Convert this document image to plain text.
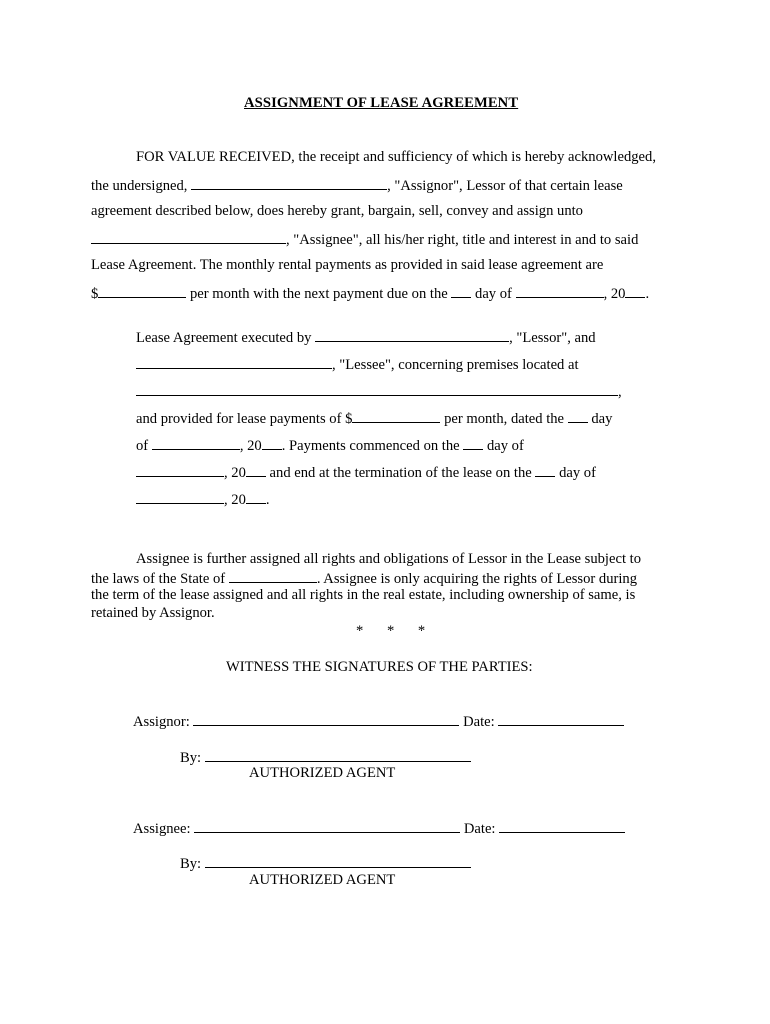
ASSIGNMENT OF LEASE AGREEMENT
FOR VALUE RECEIVED, the receipt and sufficiency of which is hereby acknowledged,
the undersigned,	, "Assignor", Lessor of that certain lease
agreement described below, does hereby grant, bargain, sell, convey and assign unto
, "Assignee", all his/her right, title and interest in and to said
Lease Agreement. The monthly rental payments as provided in said lease agreement are
$	per month with the next payment due on the day of	, 20 .
Lease Agreement executed by	, "Lessor", and
, "Lessee", concerning premises located at
,
and provided for lease payments of $	per month, dated the day
of	, 20 . Payments commenced on the day of
, 20 and end at the termination of the lease on the day of
, 20 .
Assignee is further assigned all rights and obligations of Lessor in the Lease subject to
the laws of the State of	. Assignee is only acquiring the rights of Lessor during
the term of the lease assigned and all rights in the real estate, including ownership of same, is
retained by Assignor.
* * *
WITNESS THE SIGNATURES OF THE PARTIES:
Assignor:	Date:
By:
AUTHORIZED AGENT
Assignee:	Date:
By:
AUTHORIZED AGENT
